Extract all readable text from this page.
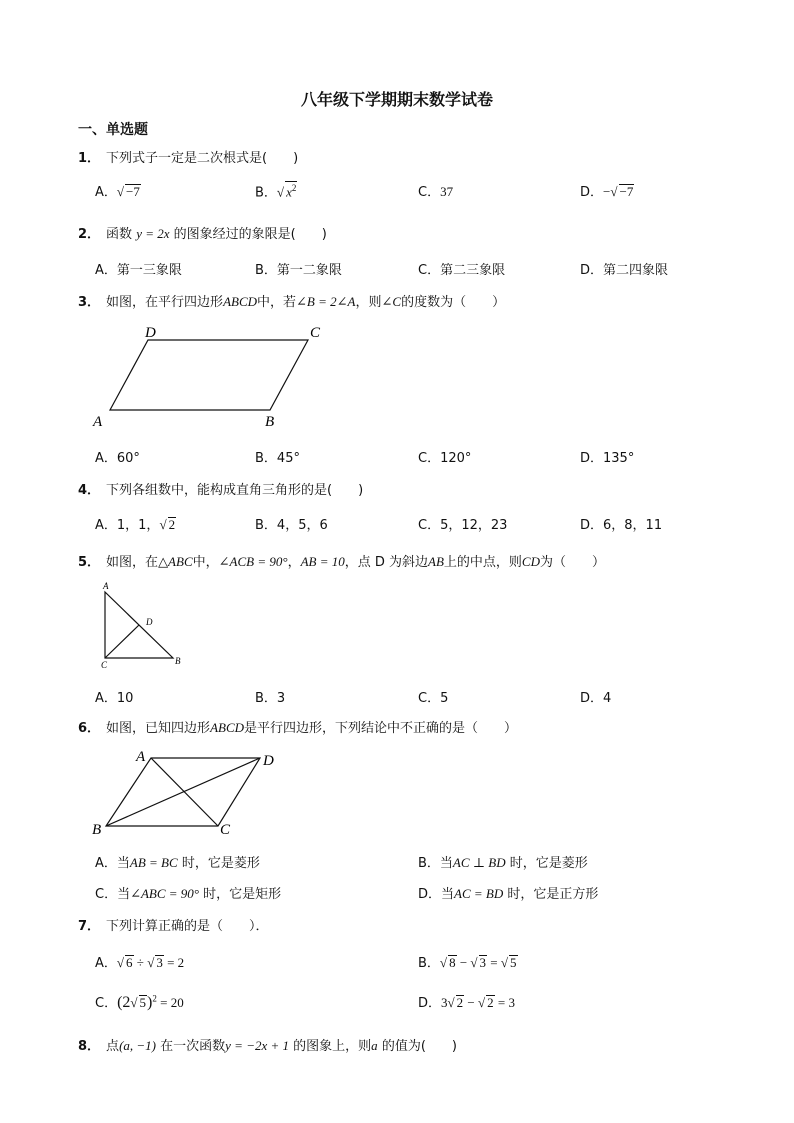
八年级下学期期末数学试卷
一、单选题
1． 下列式子一定是二次根式是(　　)
A．√ −7	B．√ $x^2$	C．37	D．−√ −7
2． 函数 y = 2x 的图象经过的象限是(　　)
A．第一三象限	B．第一二象限	C．第二三象限	D．第二四象限
3． 如图，在平行四边形ABCD中，若∠B = 2∠A，则∠C的度数为（　　）
D	C
A	B
A．60°	B．45°	C．120°	D．135°
4． 下列各组数中，能构成直角三角形的是(　　)
A．1，1，√ 2	B．4，5，6	C．5，12，23	D．6，8，11
5． 如图，在△ABC中，∠ACB = 90°，AB = 10，点 D 为斜边AB上的中点，则CD为（　　）
A
D
C	B
A．10	B．3	C．5	D．4
6． 如图，已知四边形ABCD是平行四边形，下列结论中不正确的是（　　）
A	D
B	C
A．当AB = BC 时，它是菱形	B．当AC ⊥ BD 时，它是菱形
C．当∠ABC = 90° 时，它是矩形	D．当AC = BD 时，它是正方形
7． 下列计算正确的是（　　）．
A．√ 6 ÷ √ 3 = 2	B．√ 8 − √ 3 = √ 5
C．(2√ 5)$^2$ = 20	D．3√ 2 − √ 2 = 3
8． 点(a, −1) 在一次函数y = −2x + 1 的图象上，则a 的值为(　　)
